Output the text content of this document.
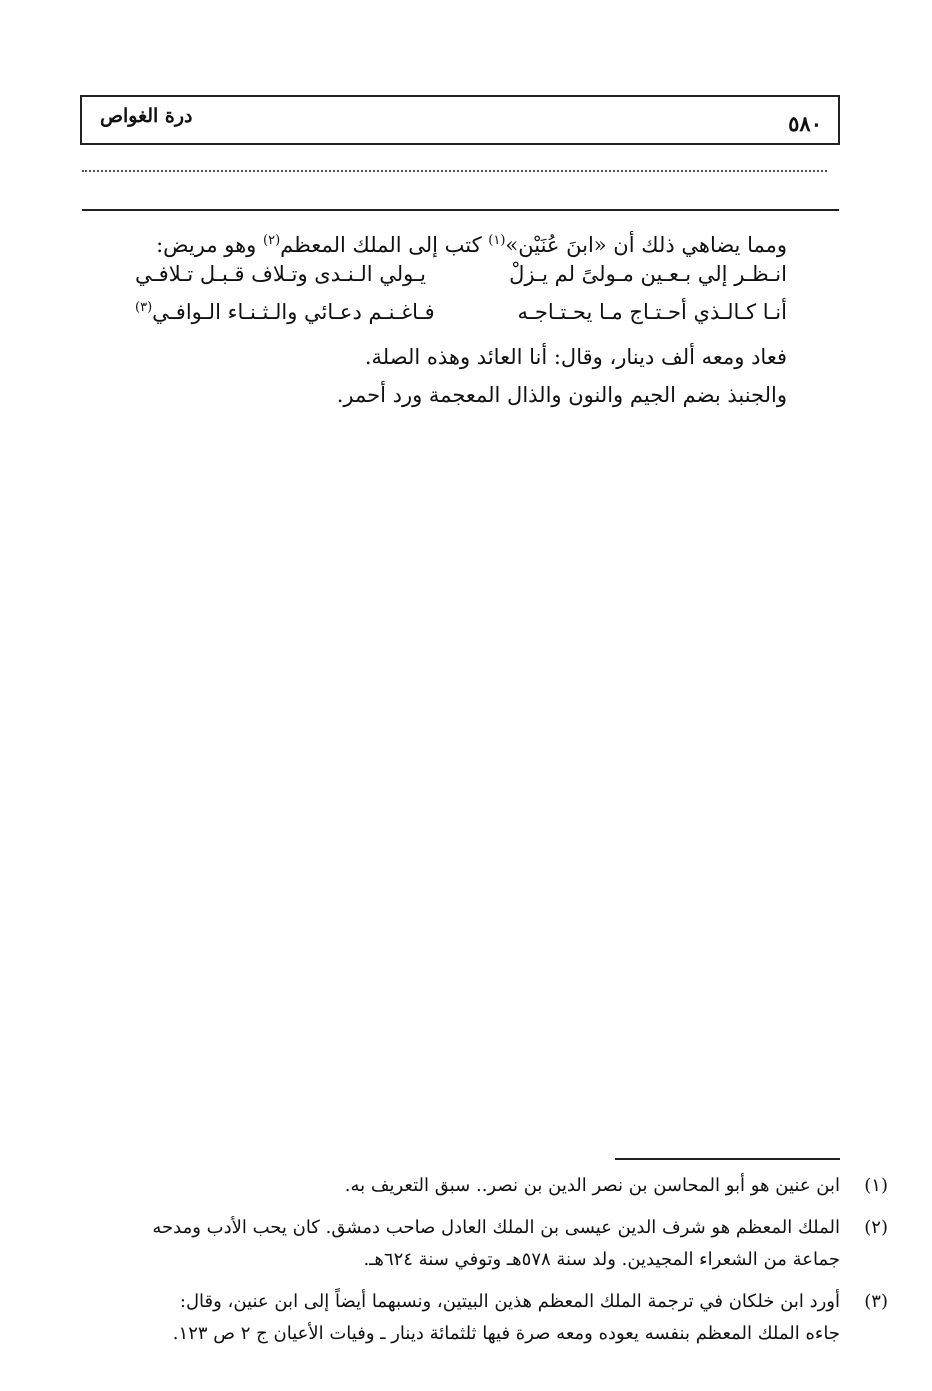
درة الغواص	٥٨٠
ومما يضاهي ذلك أن «ابنَ عُنَيْن»$^{(١)}$ كتب إلى الملك المعظم$^{(٢)}$ وهو مريض:
انـظـر إلي بـعـين مـولىً لم يـزلْ
يـولي الـنـدى وتـلاف قـبـل تـلافـي
أنـا كـالـذي أحـتـاج مـا يحـتـاجـه
فـاغـنـم دعـائي والـثـنـاء الـوافـي$^{(٣)}$
فعاد ومعه ألف دينار، وقال: أنا العائد وهذه الصلة.
والجنبذ بضم الجيم والنون والذال المعجمة ورد أحمر.
(١)
ابن عنين هو أبو المحاسن بن نصر الدين بن نصر.. سبق التعريف به.
(٢)
الملك المعظم هو شرف الدين عيسى بن الملك العادل صاحب دمشق. كان يحب الأدب ومدحه
جماعة من الشعراء المجيدين. ولد سنة ٥٧٨هـ وتوفي سنة ٦٢٤هـ.
(٣)
أورد ابن خلكان في ترجمة الملك المعظم هذين البيتين، ونسبهما أيضاً إلى ابن عنين، وقال:
جاءه الملك المعظم بنفسه يعوده ومعه صرة فيها ثلثمائة دينار ـ وفيات الأعيان ج ٢ ص ١٢٣.
